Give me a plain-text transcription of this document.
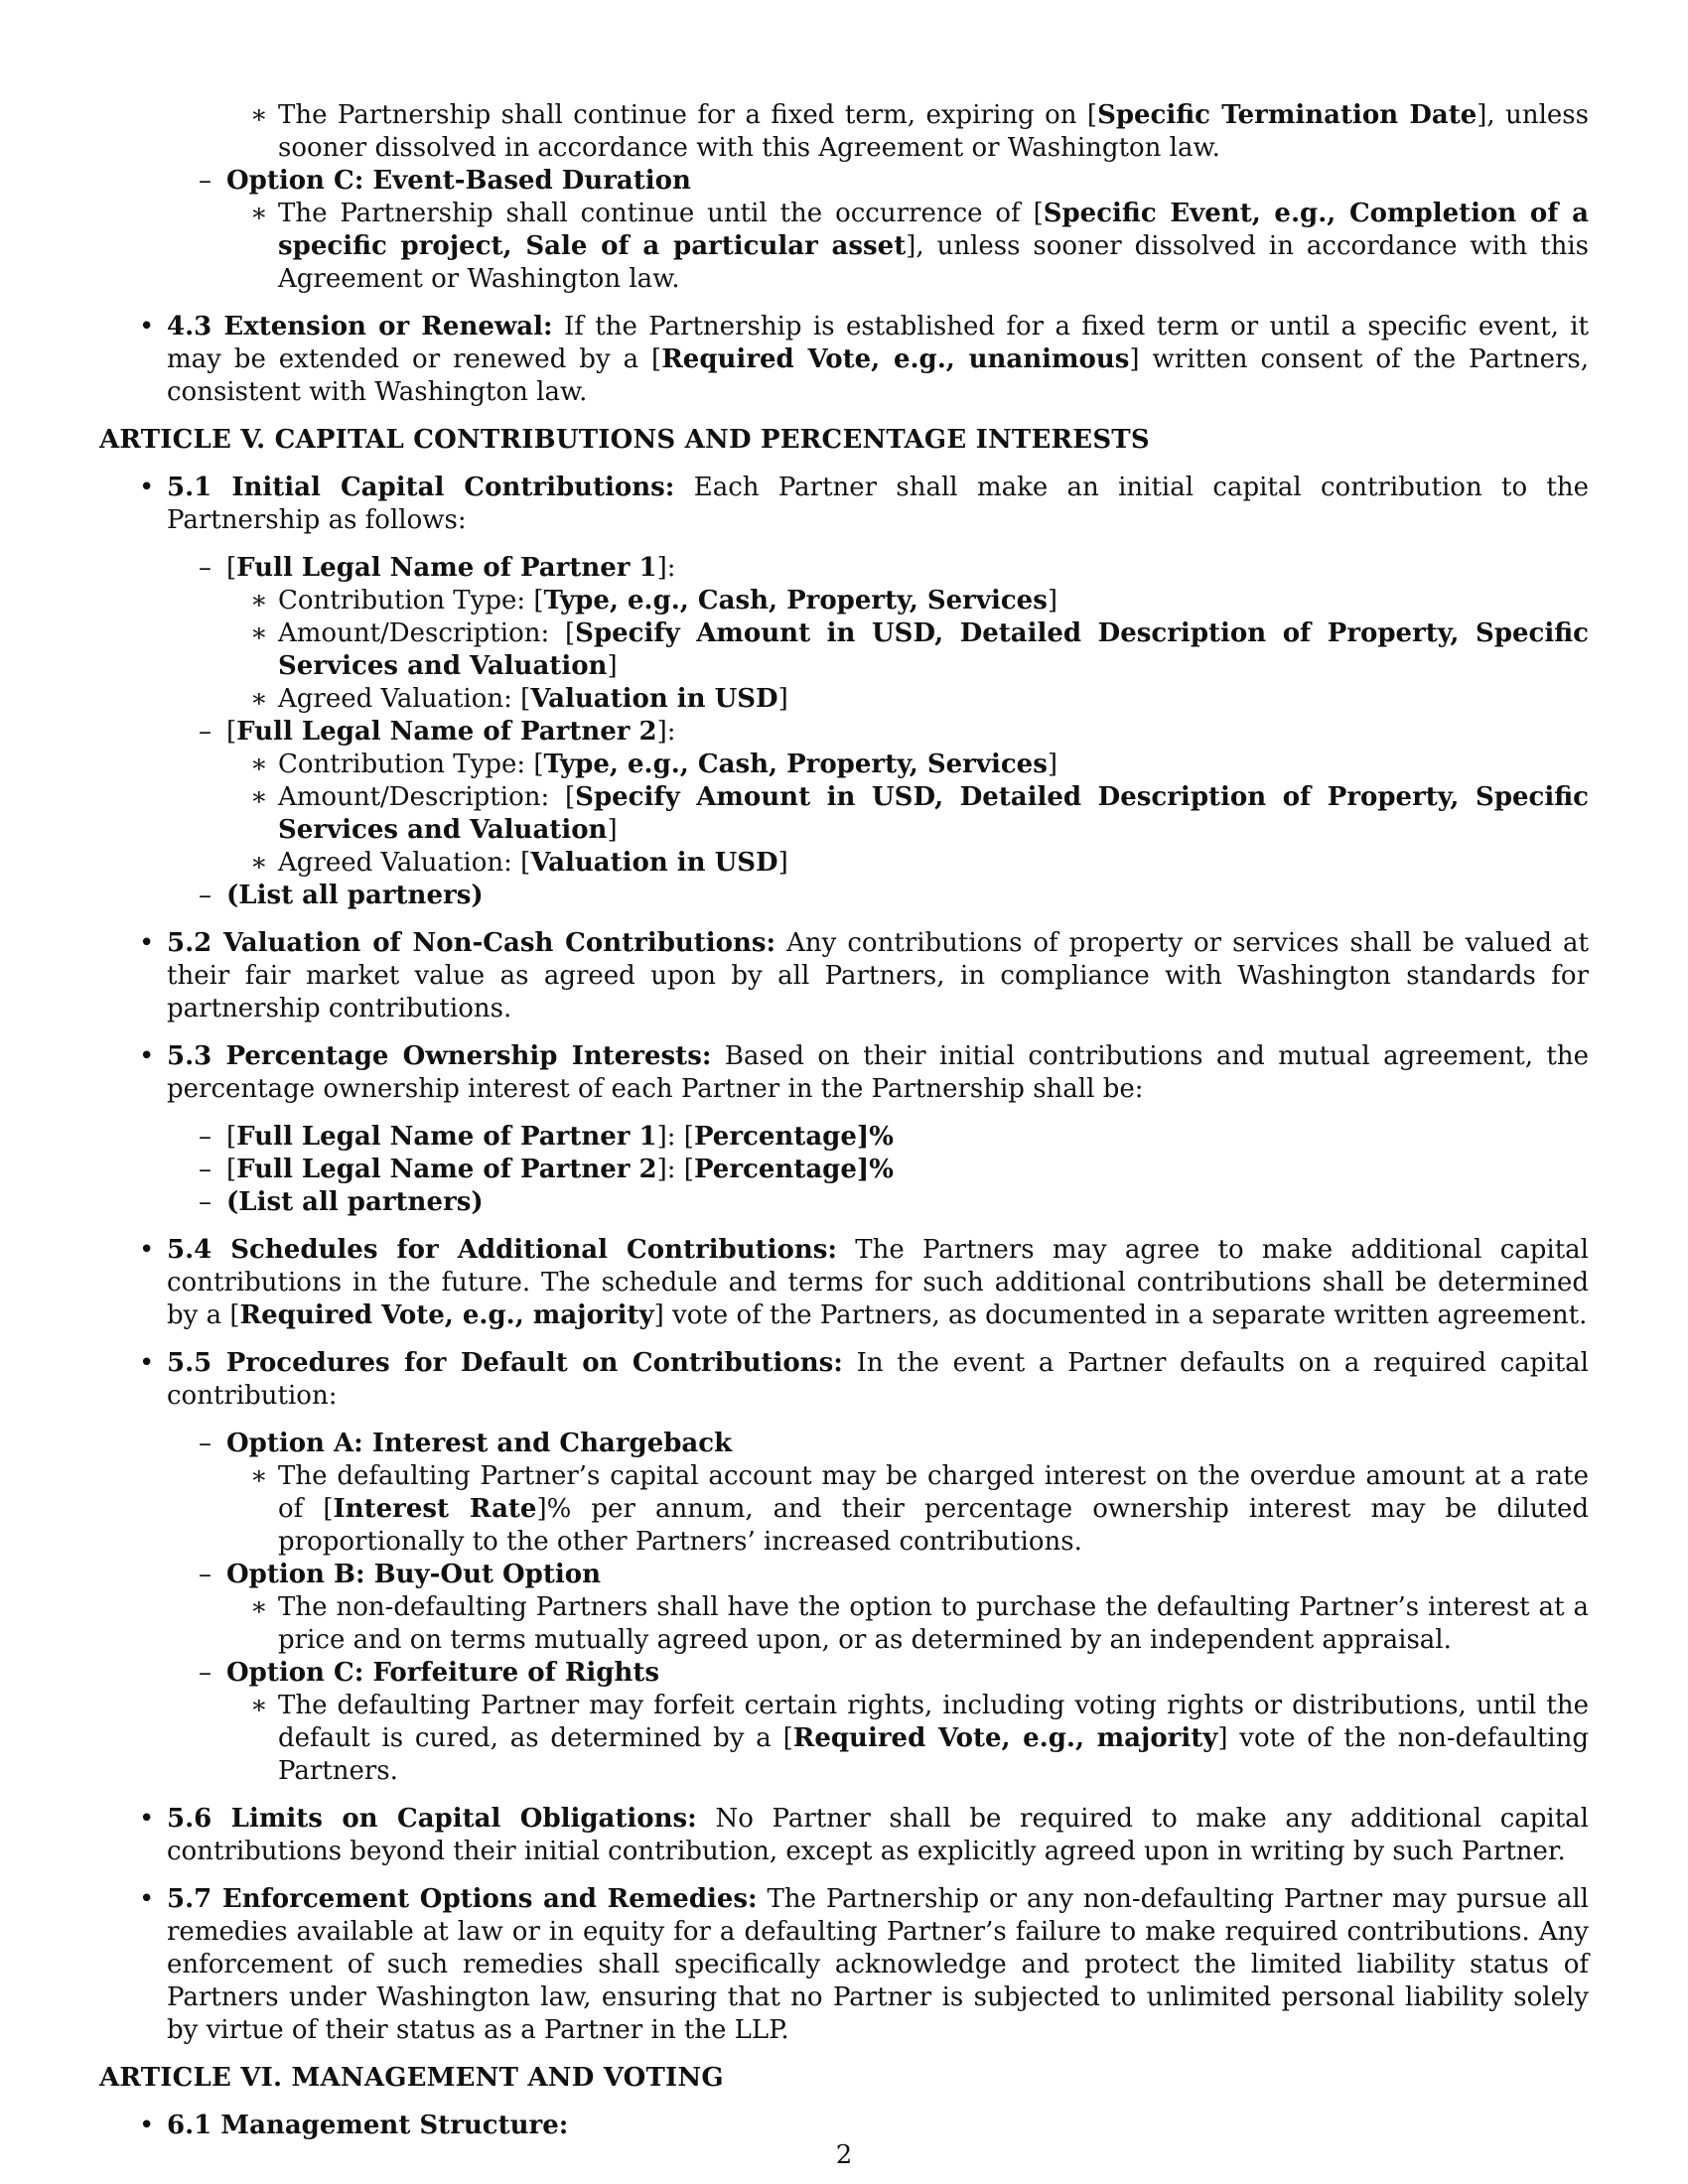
∗ The Partnership shall continue for a fixed term, expiring on [Specific Termination Date], unless sooner dissolved in accordance with this Agreement or Washington law.
– Option C: Event-Based Duration
∗ The Partnership shall continue until the occurrence of [Specific Event, e.g., Completion of a specific project, Sale of a particular asset], unless sooner dissolved in accordance with this Agreement or Washington law.
• 4.3 Extension or Renewal: If the Partnership is established for a fixed term or until a specific event, it may be extended or renewed by a [Required Vote, e.g., unanimous] written consent of the Partners, consistent with Washington law.
ARTICLE V. CAPITAL CONTRIBUTIONS AND PERCENTAGE INTERESTS
• 5.1 Initial Capital Contributions: Each Partner shall make an initial capital contribution to the Partnership as follows:
– [Full Legal Name of Partner 1]:
∗ Contribution Type: [Type, e.g., Cash, Property, Services]
∗ Amount/Description: [Specify Amount in USD, Detailed Description of Property, Specific Services and Valuation]
∗ Agreed Valuation: [Valuation in USD]
– [Full Legal Name of Partner 2]:
∗ Contribution Type: [Type, e.g., Cash, Property, Services]
∗ Amount/Description: [Specify Amount in USD, Detailed Description of Property, Specific Services and Valuation]
∗ Agreed Valuation: [Valuation in USD]
– (List all partners)
• 5.2 Valuation of Non-Cash Contributions: Any contributions of property or services shall be valued at their fair market value as agreed upon by all Partners, in compliance with Washington standards for partnership contributions.
• 5.3 Percentage Ownership Interests: Based on their initial contributions and mutual agreement, the percentage ownership interest of each Partner in the Partnership shall be:
– [Full Legal Name of Partner 1]: [Percentage]%
– [Full Legal Name of Partner 2]: [Percentage]%
– (List all partners)
• 5.4 Schedules for Additional Contributions: The Partners may agree to make additional capital contributions in the future. The schedule and terms for such additional contributions shall be determined by a [Required Vote, e.g., majority] vote of the Partners, as documented in a separate written agreement.
• 5.5 Procedures for Default on Contributions: In the event a Partner defaults on a required capital contribution:
– Option A: Interest and Chargeback
∗ The defaulting Partner’s capital account may be charged interest on the overdue amount at a rate of [Interest Rate]% per annum, and their percentage ownership interest may be diluted proportionally to the other Partners’ increased contributions.
– Option B: Buy-Out Option
∗ The non-defaulting Partners shall have the option to purchase the defaulting Partner’s interest at a price and on terms mutually agreed upon, or as determined by an independent appraisal.
– Option C: Forfeiture of Rights
∗ The defaulting Partner may forfeit certain rights, including voting rights or distributions, until the default is cured, as determined by a [Required Vote, e.g., majority] vote of the non-defaulting Partners.
• 5.6 Limits on Capital Obligations: No Partner shall be required to make any additional capital contributions beyond their initial contribution, except as explicitly agreed upon in writing by such Partner.
• 5.7 Enforcement Options and Remedies: The Partnership or any non-defaulting Partner may pursue all remedies available at law or in equity for a defaulting Partner’s failure to make required contributions. Any enforcement of such remedies shall specifically acknowledge and protect the limited liability status of Partners under Washington law, ensuring that no Partner is subjected to unlimited personal liability solely by virtue of their status as a Partner in the LLP.
ARTICLE VI. MANAGEMENT AND VOTING
• 6.1 Management Structure:
2
